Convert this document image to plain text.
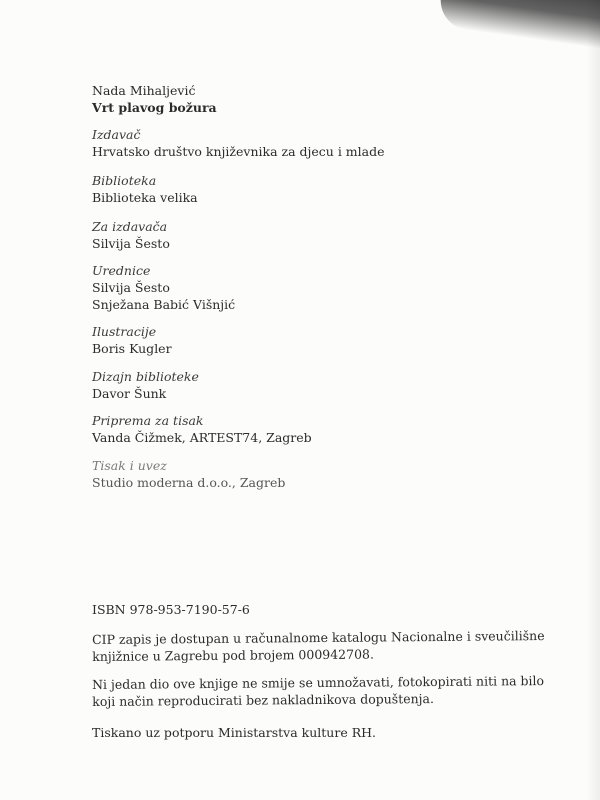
Nada Mihaljević
Vrt plavog božura
Izdavač
Hrvatsko društvo književnika za djecu i mlade
Biblioteka
Biblioteka velika
Za izdavača
Silvija Šesto
Urednice
Silvija Šesto
Snježana Babić Višnjić
Ilustracije
Boris Kugler
Dizajn biblioteke
Davor Šunk
Priprema za tisak
Vanda Čižmek, ARTEST74, Zagreb
Tisak i uvez
Studio moderna d.o.o., Zagreb
ISBN 978-953-7190-57-6
CIP zapis je dostupan u računalnome katalogu Nacionalne i sveučilišne
knjižnice u Zagrebu pod brojem 000942708.
Ni jedan dio ove knjige ne smije se umnožavati, fotokopirati niti na bilo
koji način reproducirati bez nakladnikova dopuštenja.
Tiskano uz potporu Ministarstva kulture RH.
